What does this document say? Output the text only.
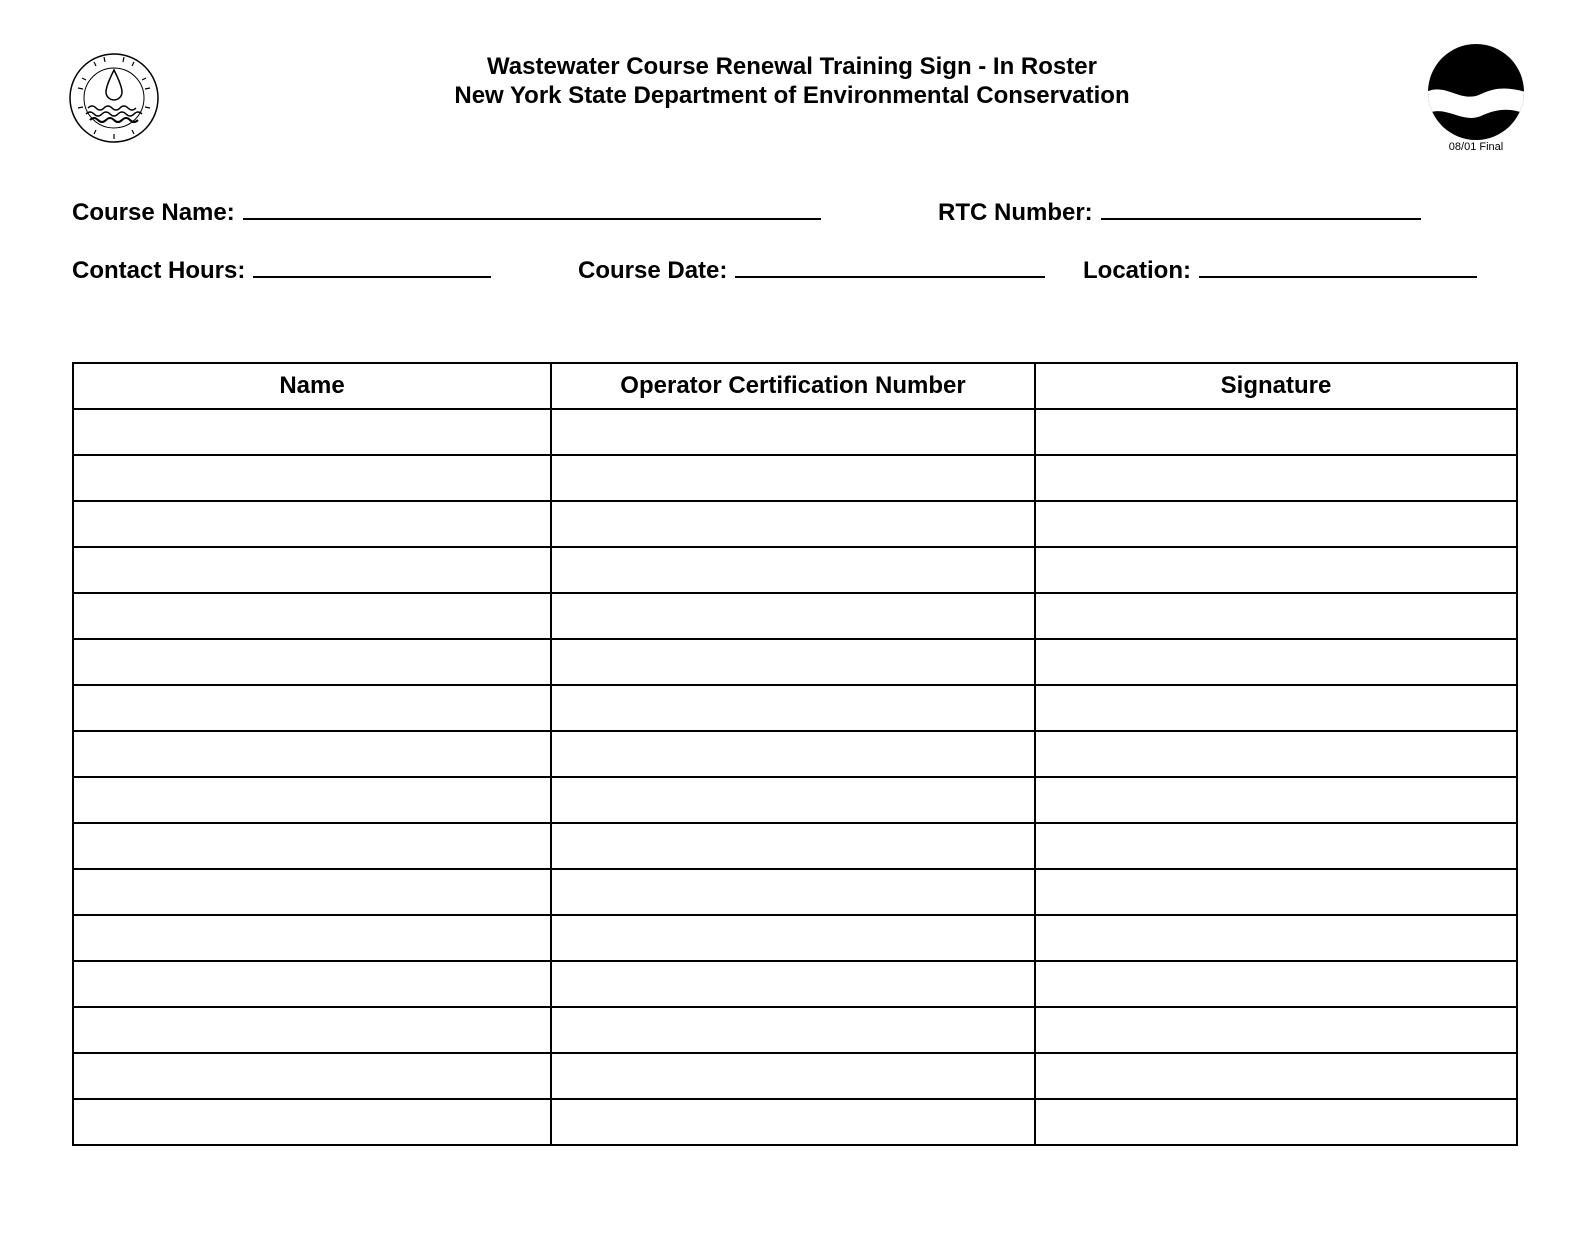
Wastewater Course Renewal Training Sign - In Roster
New York State Department of Environmental Conservation
08/01 Final
Course Name:	RTC Number:
Contact Hours:	Course Date:	Location:
Name	Operator Certification Number	Signature
